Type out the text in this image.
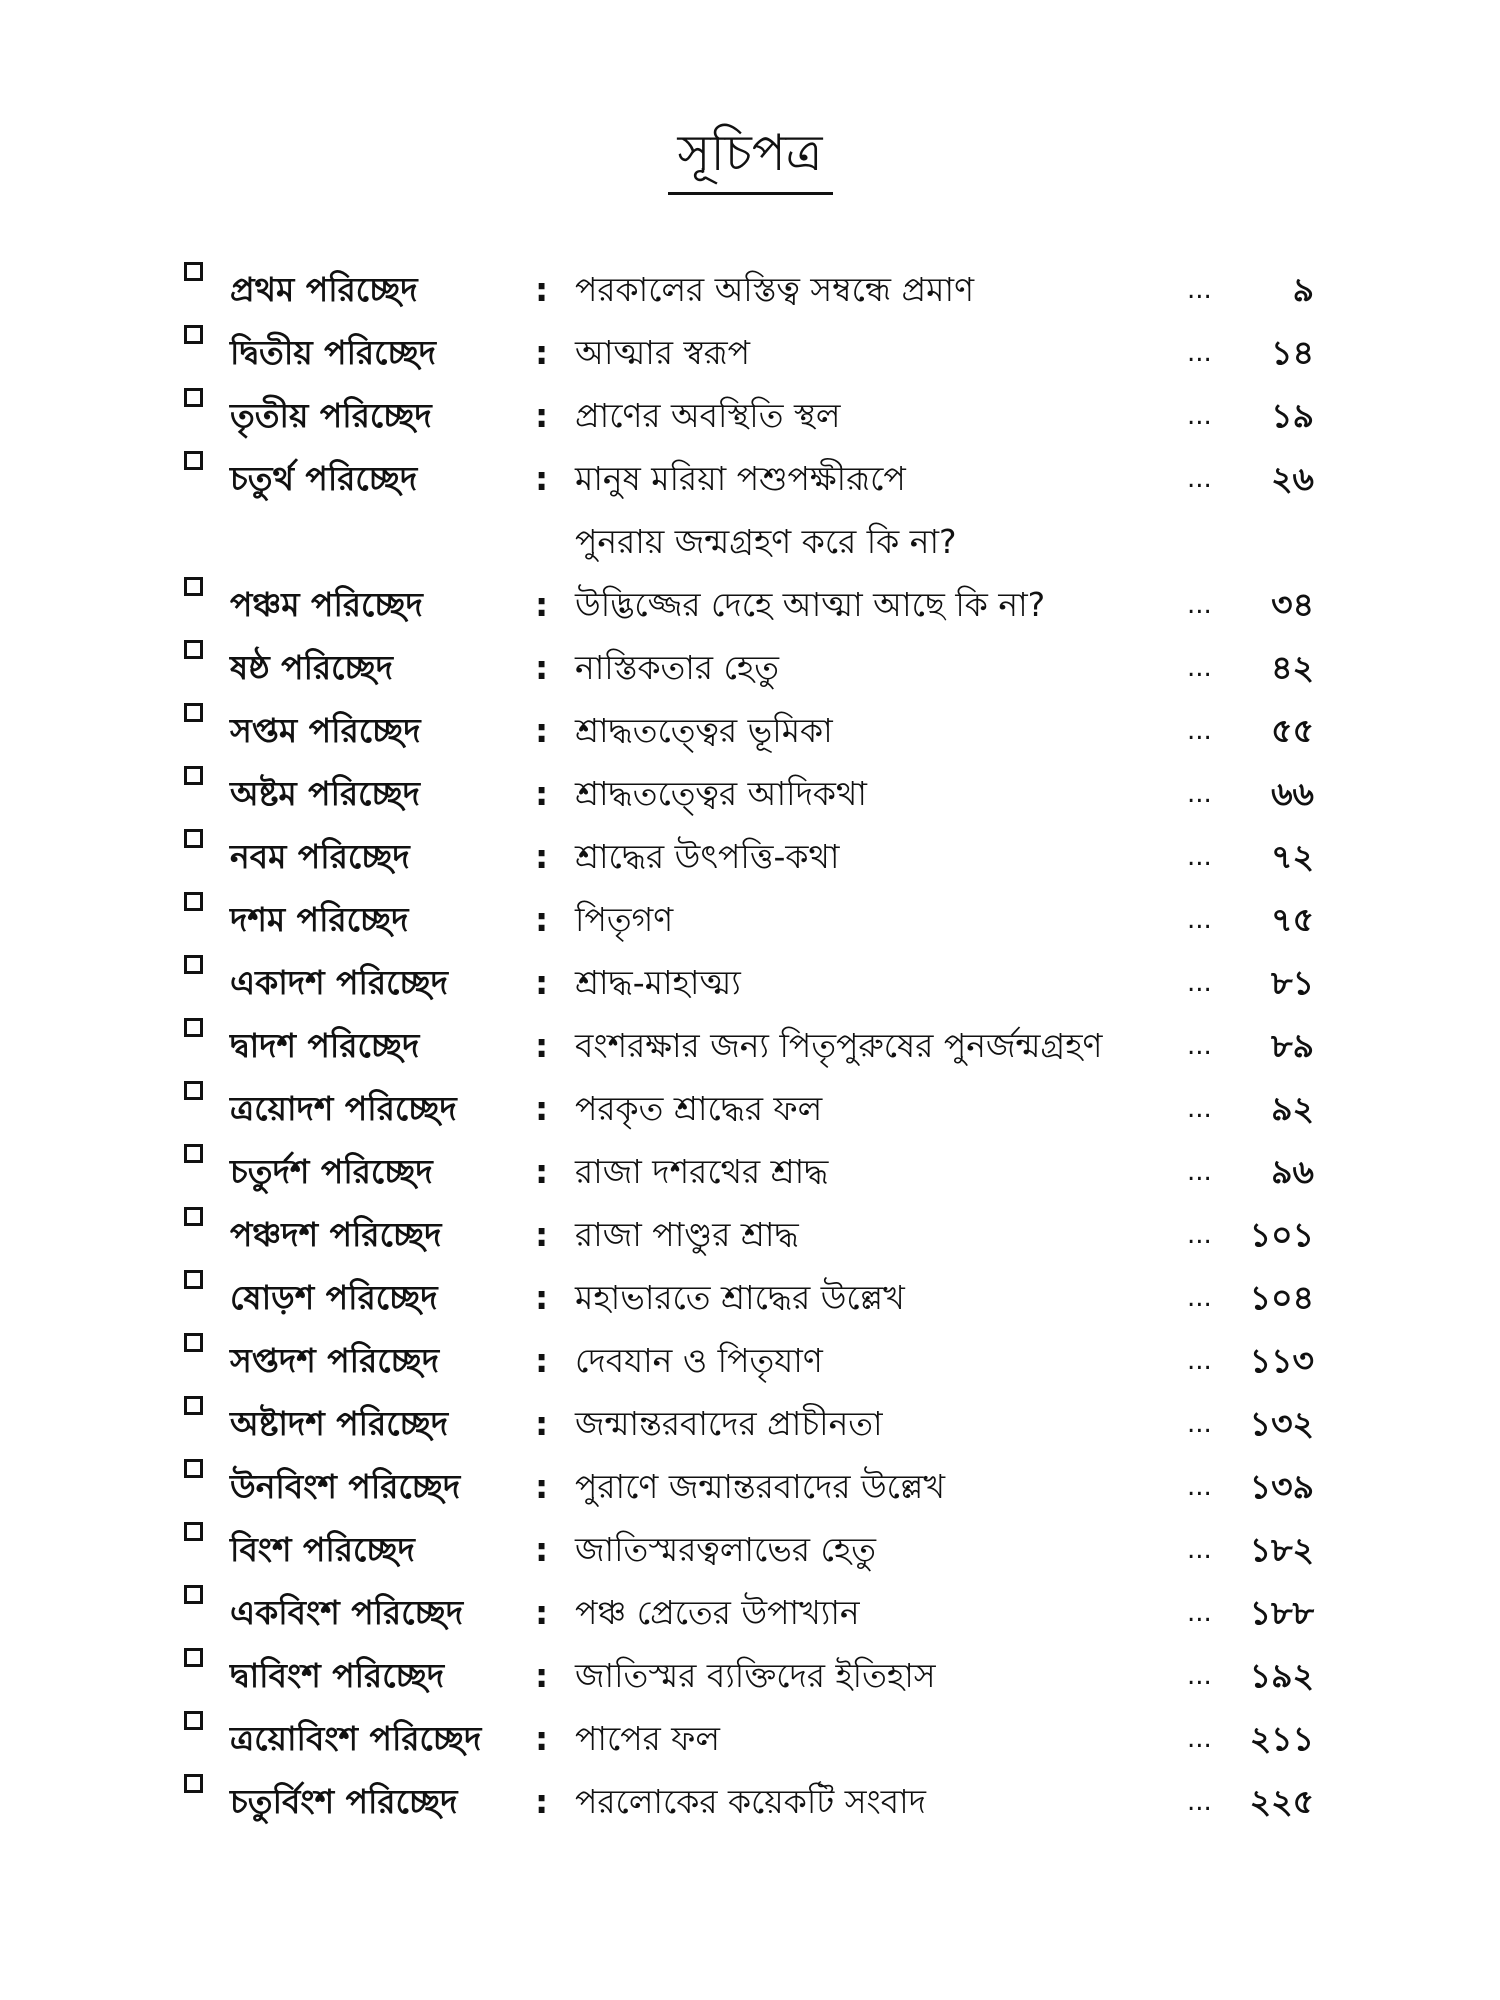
সূচিপত্র
প্রথম পরিচ্ছেদ	: পরকালের অস্তিত্ব সম্বন্ধে প্রমাণ	... ৯
দ্বিতীয় পরিচ্ছেদ	: আত্মার স্বরূপ	... ১৪
তৃতীয় পরিচ্ছেদ	: প্রাণের অবস্থিতি স্থল	... ১৯
চতুর্থ পরিচ্ছেদ	: মানুষ মরিয়া পশুপক্ষীরূপে	... ২৬
পুনরায় জন্মগ্রহণ করে কি না?
পঞ্চম পরিচ্ছেদ	: উদ্ভিজ্জের দেহে আত্মা আছে কি না?	... ৩৪
ষষ্ঠ পরিচ্ছেদ	: নাস্তিকতার হেতু	... ৪২
সপ্তম পরিচ্ছেদ	: শ্রাদ্ধতত্ত্বের ভূমিকা	... ৫৫
অষ্টম পরিচ্ছেদ	: শ্রাদ্ধতত্ত্বের আদিকথা	... ৬৬
নবম পরিচ্ছেদ	: শ্রাদ্ধের উৎপত্তি-কথা	... ৭২
দশম পরিচ্ছেদ	: পিতৃগণ	... ৭৫
একাদশ পরিচ্ছেদ	: শ্রাদ্ধ-মাহাত্ম্য	... ৮১
দ্বাদশ পরিচ্ছেদ	: বংশরক্ষার জন্য পিতৃপুরুষের পুনর্জন্মগ্রহণ	... ৮৯
ত্রয়োদশ পরিচ্ছেদ : পরকৃত শ্রাদ্ধের ফল	... ৯২
চতুর্দশ পরিচ্ছেদ	: রাজা দশরথের শ্রাদ্ধ	... ৯৬
পঞ্চদশ পরিচ্ছেদ	: রাজা পাণ্ডুর শ্রাদ্ধ	... ১০১
ষোড়শ পরিচ্ছেদ	: মহাভারতে শ্রাদ্ধের উল্লেখ	... ১০৪
সপ্তদশ পরিচ্ছেদ	: দেবযান ও পিতৃযাণ	... ১১৩
অষ্টাদশ পরিচ্ছেদ	: জন্মান্তরবাদের প্রাচীনতা	... ১৩২
উনবিংশ পরিচ্ছেদ : পুরাণে জন্মান্তরবাদের উল্লেখ	... ১৩৯
বিংশ পরিচ্ছেদ	: জাতিস্মরত্বলাভের হেতু	... ১৮২
একবিংশ পরিচ্ছেদ : পঞ্চ প্রেতের উপাখ্যান	... ১৮৮
দ্বাবিংশ পরিচ্ছেদ	: জাতিস্মর ব্যক্তিদের ইতিহাস	... ১৯২
ত্রয়োবিংশ পরিচ্ছেদ : পাপের ফল	... ২১১
চতুর্বিংশ পরিচ্ছেদ : পরলোকের কয়েকটি সংবাদ	... ২২৫
